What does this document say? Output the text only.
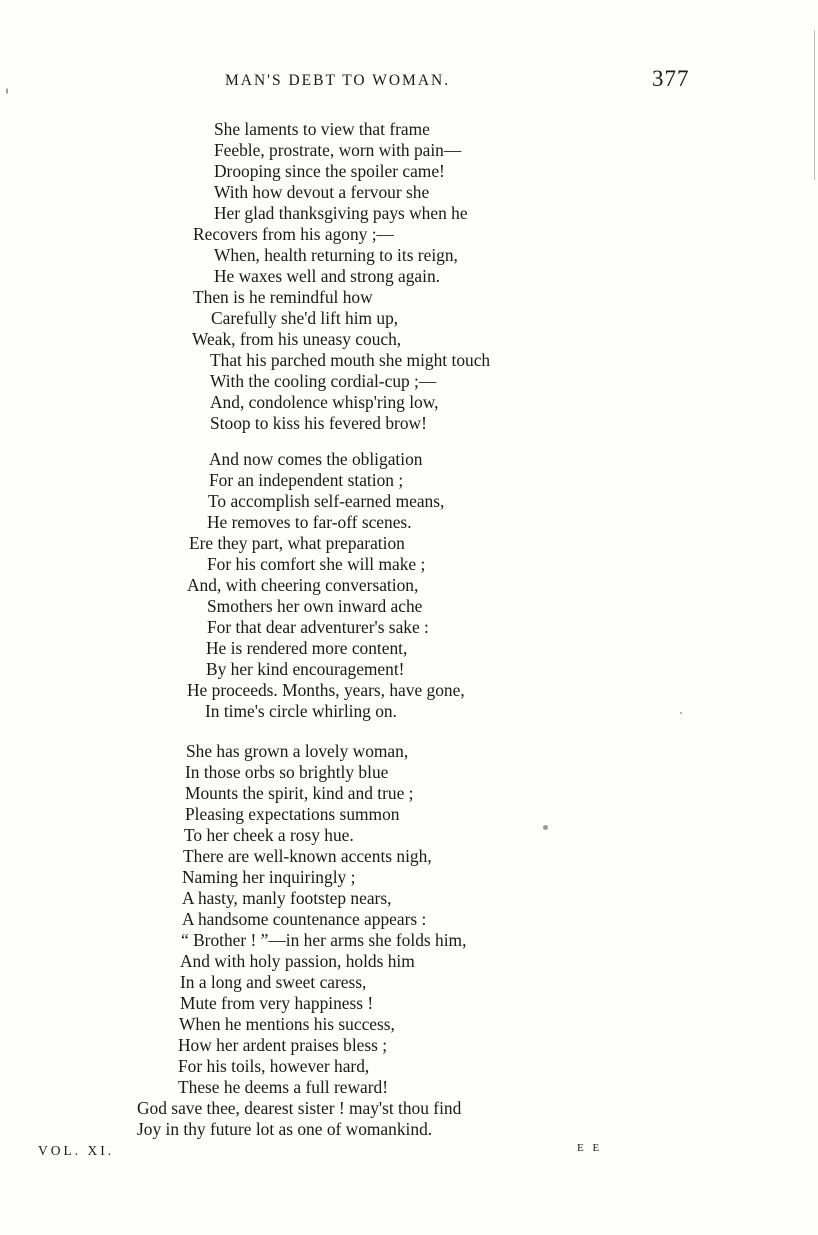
MAN'S DEBT TO WOMAN.	377
She laments to view that frame
Feeble, prostrate, worn with pain—
Drooping since the spoiler came!
With how devout a fervour she
Her glad thanksgiving pays when he
Recovers from his agony ;—
When, health returning to its reign,
He waxes well and strong again.
Then is he remindful how
Carefully she'd lift him up,
Weak, from his uneasy couch,
That his parched mouth she might touch
With the cooling cordial-cup ;—
And, condolence whisp'ring low,
Stoop to kiss his fevered brow!
And now comes the obligation
For an independent station ;
To accomplish self-earned means,
He removes to far-off scenes.
Ere they part, what preparation
For his comfort she will make ;
And, with cheering conversation,
Smothers her own inward ache
For that dear adventurer's sake :
He is rendered more content,
By her kind encouragement!
He proceeds. Months, years, have gone,
In time's circle whirling on.
She has grown a lovely woman,
In those orbs so brightly blue
Mounts the spirit, kind and true ;
Pleasing expectations summon
To her cheek a rosy hue.
There are well-known accents nigh,
Naming her inquiringly ;
A hasty, manly footstep nears,
A handsome countenance appears :
“ Brother ! ”—in her arms she folds him,
And with holy passion, holds him
In a long and sweet caress,
Mute from very happiness !
When he mentions his success,
How her ardent praises bless ;
For his toils, however hard,
These he deems a full reward!
God save thee, dearest sister ! may'st thou find
Joy in thy future lot as one of womankind.
VOL. XI.	E E
